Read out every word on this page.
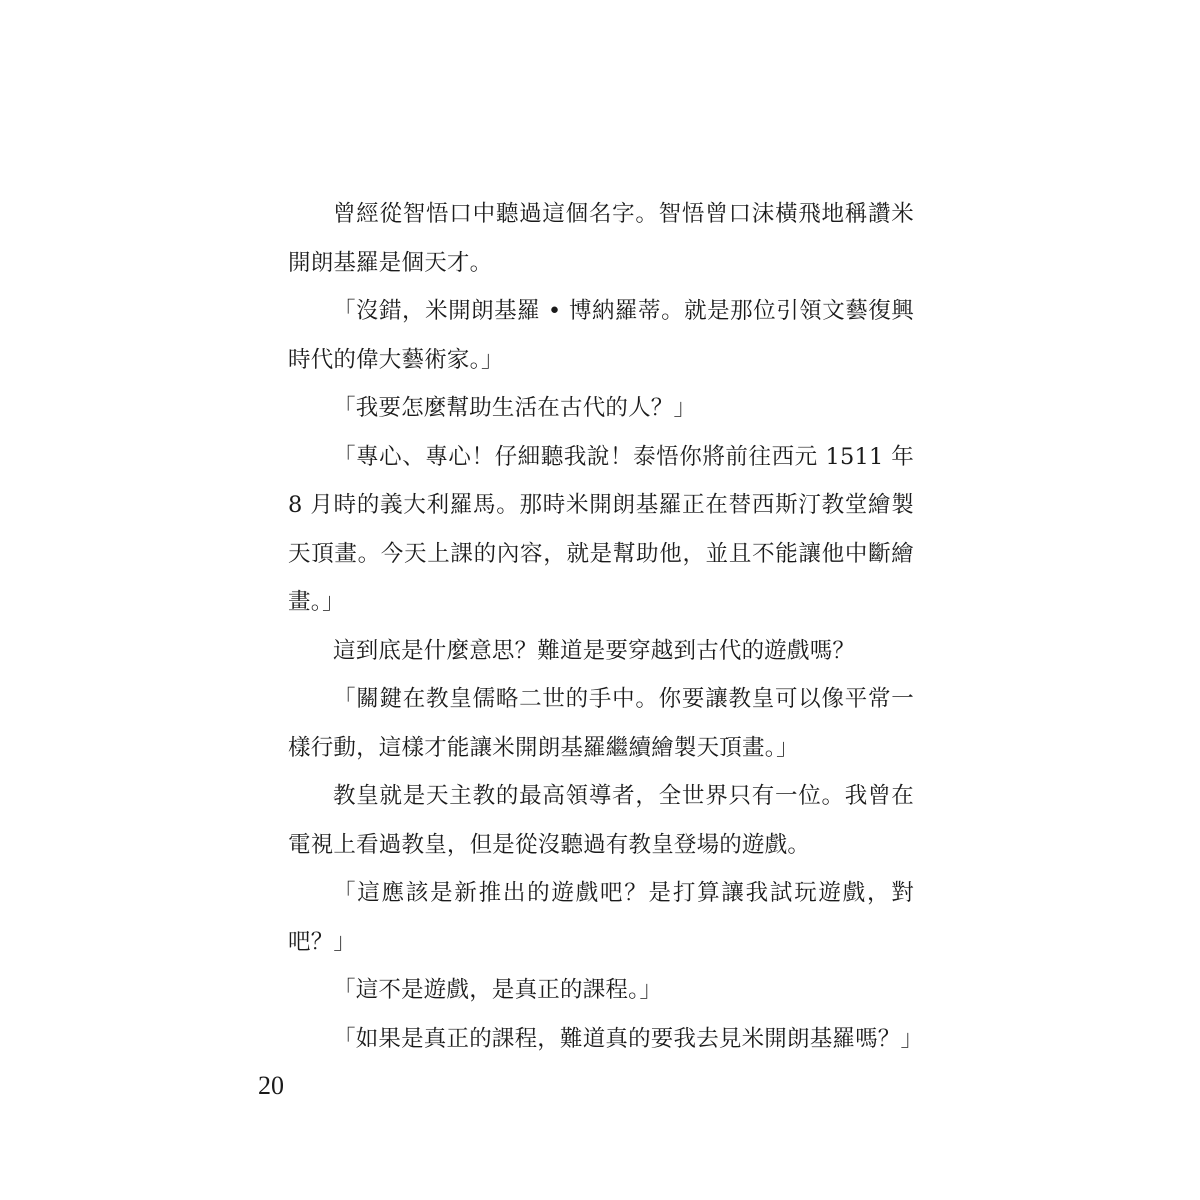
曾經從智悟口中聽過這個名字。智悟曾口沫橫飛地稱讚米開朗基羅是個天才。

「沒錯，米開朗基羅 • 博納羅蒂。就是那位引領文藝復興時代的偉大藝術家。」

「我要怎麼幫助生活在古代的人？」

「專心、專心！仔細聽我說！泰悟你將前往西元 1511 年 8 月時的義大利羅馬。那時米開朗基羅正在替西斯汀教堂繪製天頂畫。今天上課的內容，就是幫助他，並且不能讓他中斷繪畫。」

這到底是什麼意思？難道是要穿越到古代的遊戲嗎？

「關鍵在教皇儒略二世的手中。你要讓教皇可以像平常一樣行動，這樣才能讓米開朗基羅繼續繪製天頂畫。」

教皇就是天主教的最高領導者，全世界只有一位。我曾在電視上看過教皇，但是從沒聽過有教皇登場的遊戲。

「這應該是新推出的遊戲吧？是打算讓我試玩遊戲，對吧？」

「這不是遊戲，是真正的課程。」

「如果是真正的課程，難道真的要我去見米開朗基羅嗎？」

20
